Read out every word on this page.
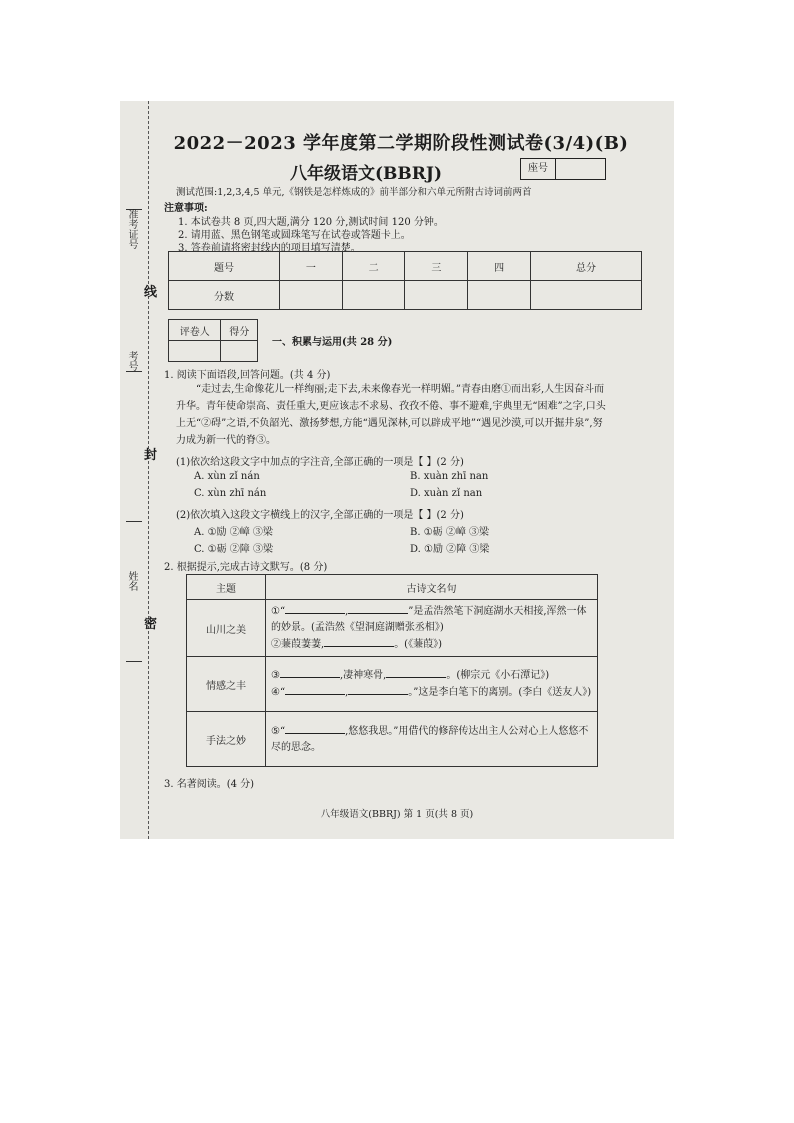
准考证号
考号
姓名
线
封
密
2022－2023 学年度第二学期阶段性测试卷(3/4)(B)
八年级语文(BBRJ)	座号
测试范围:1,2,3,4,5 单元,《钢铁是怎样炼成的》前半部分和六单元所附古诗词前两首
注意事项:
1. 本试卷共 8 页,四大题,满分 120 分,测试时间 120 分钟。
2. 请用蓝、黑色钢笔或圆珠笔写在试卷或答题卡上。
3. 答卷前请将密封线内的项目填写清楚。
题号	一	二	三	四	总分
分数					
评卷人	得分

一、积累与运用(共 28 分)
1. 阅读下面语段,回答问题。(共 4 分)
“走过去,生命像花儿一样绚丽;走下去,未来像春光一样明媚。”青春由磨①而出彩,人生因奋斗而升华。青年使命崇高、责任重大,更应该志不求易、孜孜不倦、事不避难,宇典里无“困难”之字,口头上无“②碍”之语,不负韶光、激扬梦想,方能“遇见深林,可以辟成平地”“遇见沙漠,可以开掘井泉”,努力成为新一代的脊③。
(1)依次给这段文字中加点的字注音,全部正确的一项是【 】(2 分)
A. xùn zǐ nán	B. xuàn zhī nan
C. xùn zhī nán	D. xuàn zǐ nan
(2)依次填入这段文字横线上的汉字,全部正确的一项是【 】(2 分)
A. ①励 ②嶂 ③梁	B. ①砺 ②嶂 ③梁
C. ①砺 ②障 ③梁	D. ①励 ②障 ③梁
2. 根据提示,完成古诗文默写。(8 分)
主题	古诗文名句
山川之美	①“ , ”是孟浩然笔下洞庭湖水天相接,浑然一体的妙景。(孟浩然《望洞庭湖赠张丞相》)
②蒹葭萋萋, 。(《蒹葭》)
情感之丰	③ ,凄神寒骨, 。(柳宗元《小石潭记》)
④“ , 。”这是李白笔下的离别。(李白《送友人》)
手法之妙	⑤“ ,悠悠我思。”用借代的修辞传达出主人公对心上人悠悠不尽的思念。
3. 名著阅读。(4 分)
八年级语文(BBRJ) 第 1 页(共 8 页)
